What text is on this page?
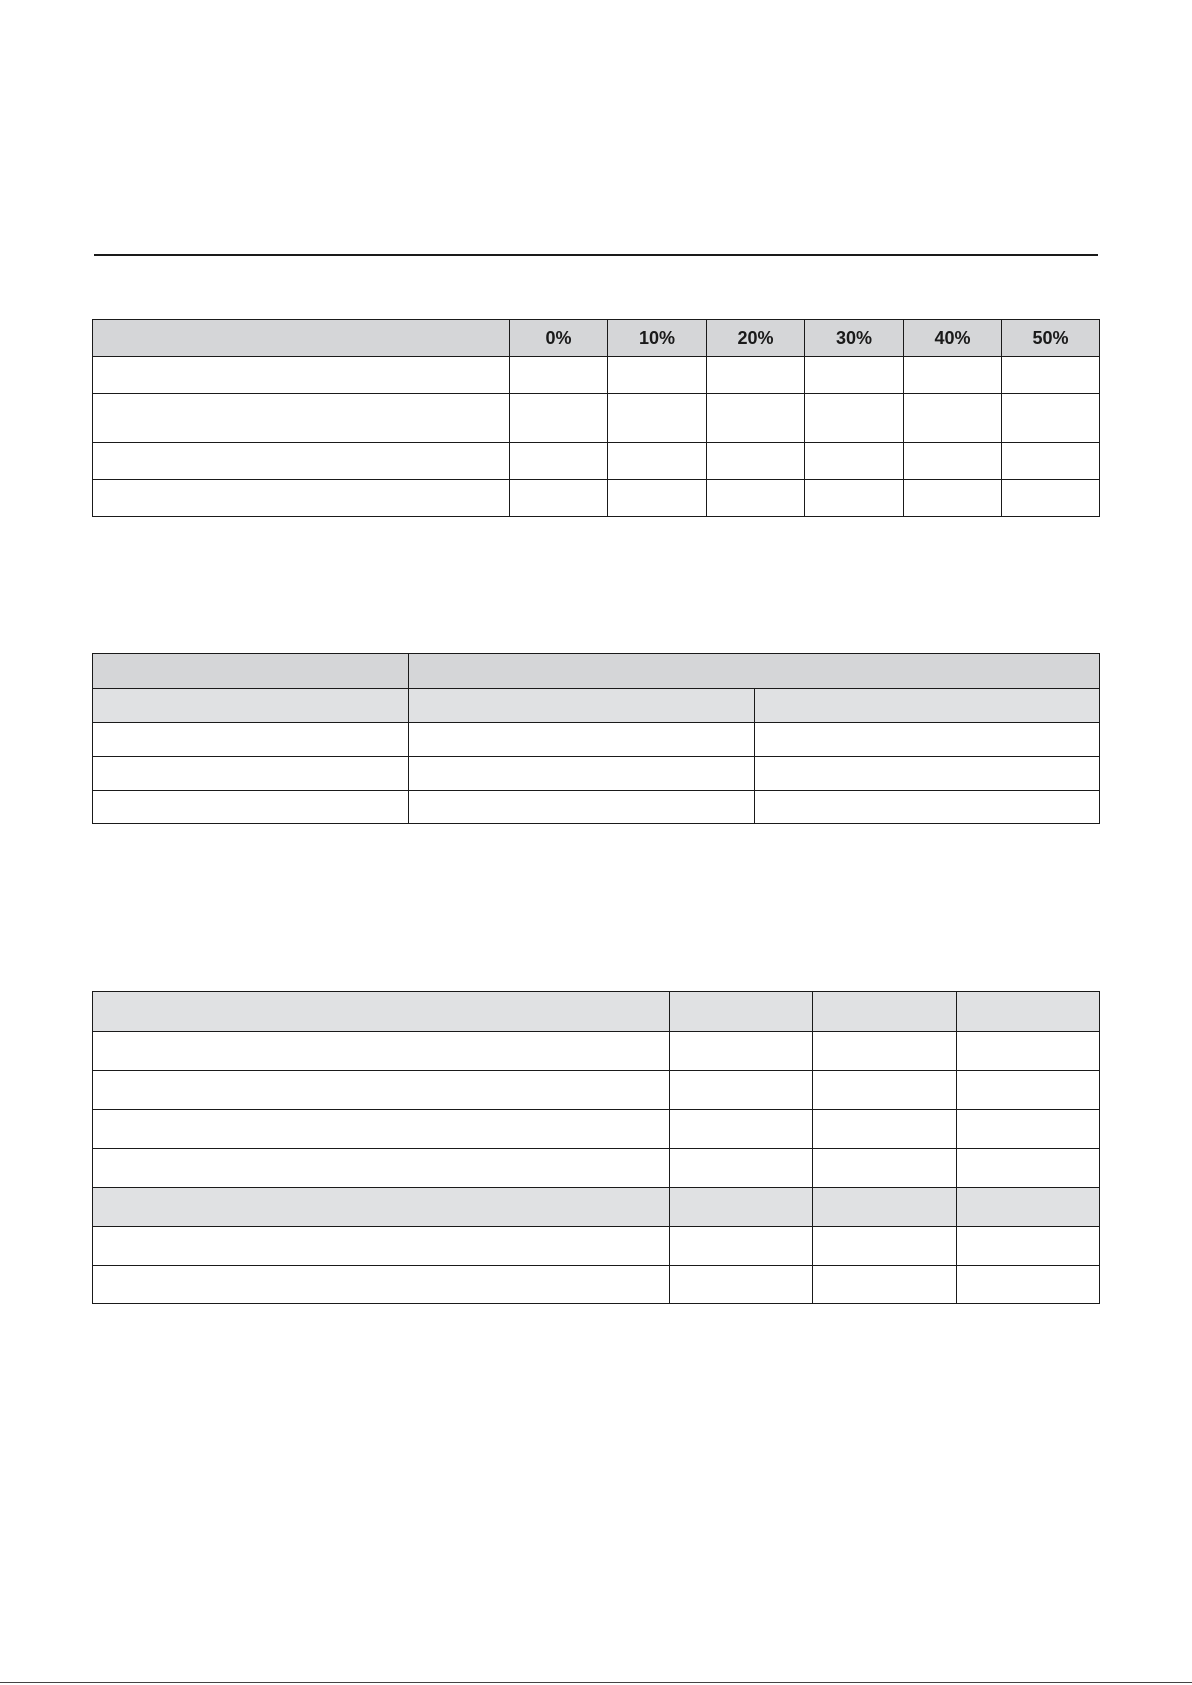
	0%	10%	20%	30%	40%	50%
